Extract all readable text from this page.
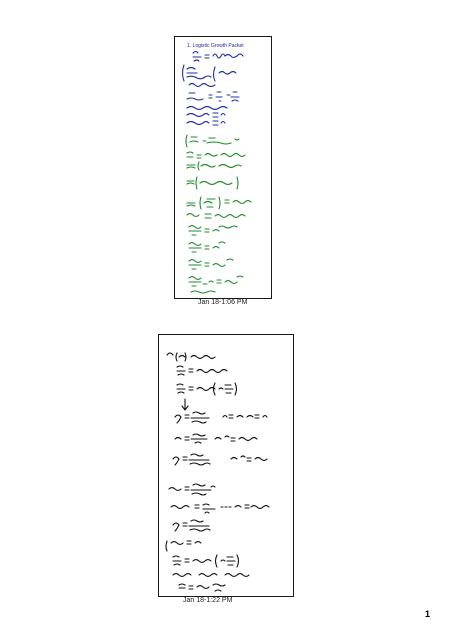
1. Logistic Growth Packet
Jan 18-1:06 PM
Jan 18-1:22 PM
1
